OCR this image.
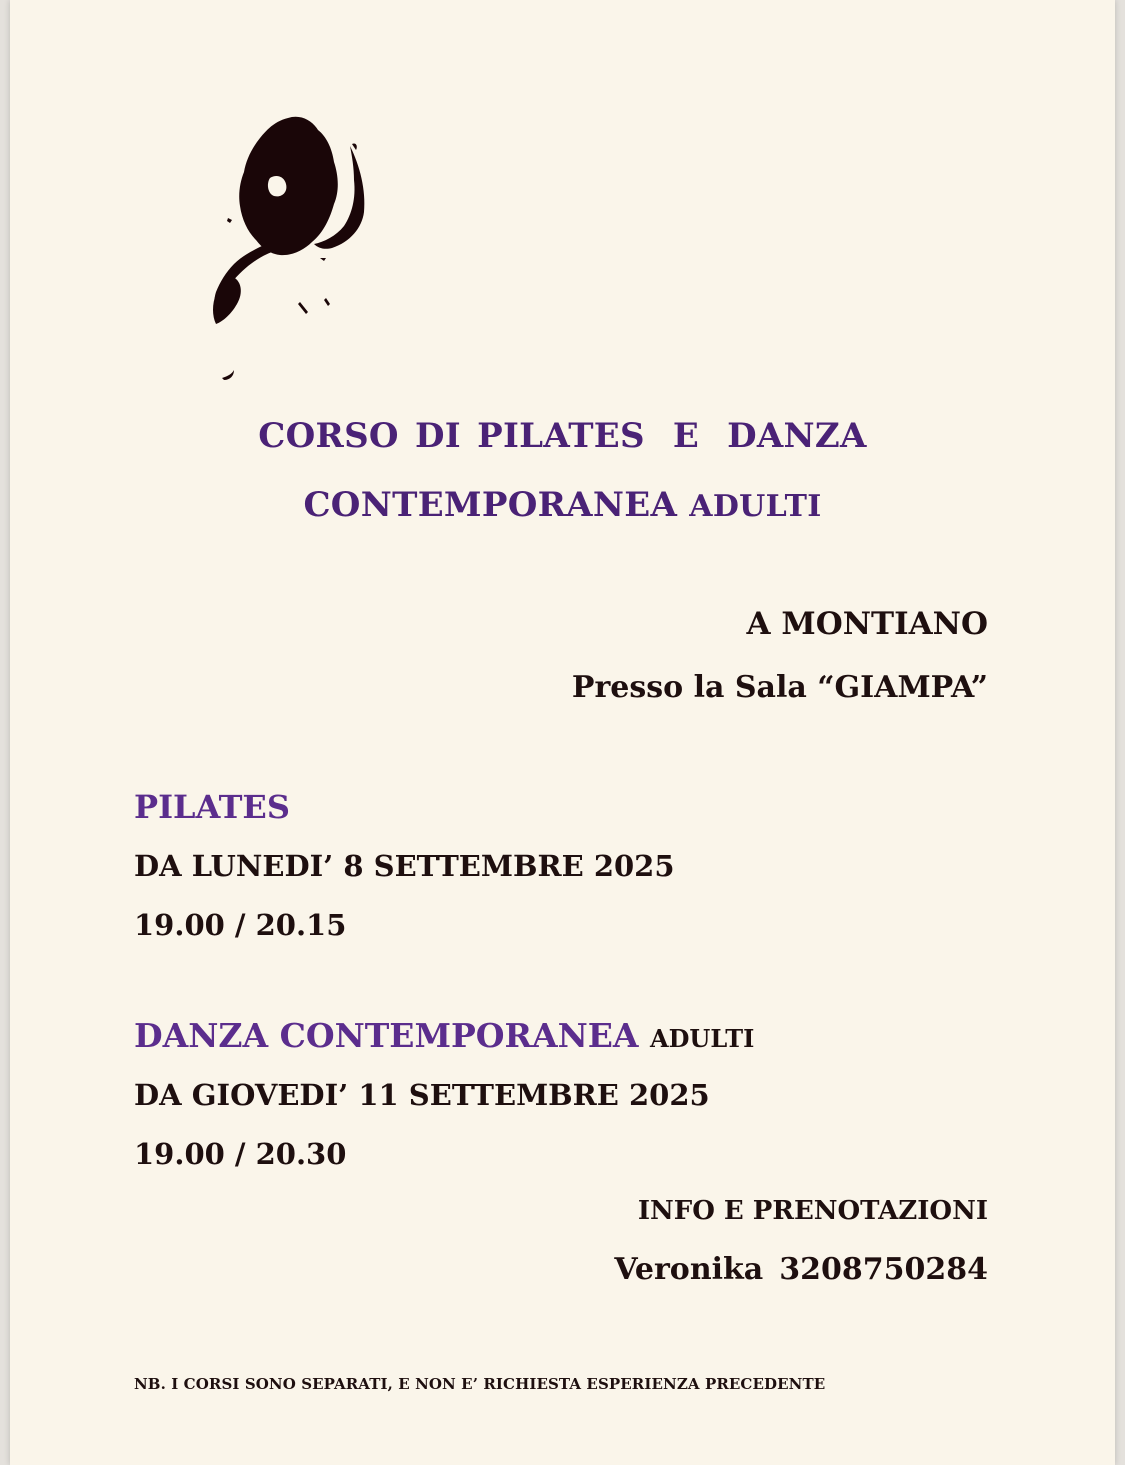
CORSO DI PILATES E DANZA

CONTEMPORANEA ADULTI

A MONTIANO

Presso la Sala “GIAMPA”

PILATES

DA LUNEDI’ 8 SETTEMBRE 2025

19.00 / 20.15

DANZA CONTEMPORANEA ADULTI

DA GIOVEDI’ 11 SETTEMBRE 2025

19.00 / 20.30

INFO E PRENOTAZIONI

Veronika 3208750284

NB. I CORSI SONO SEPARATI, E NON E’ RICHIESTA ESPERIENZA PRECEDENTE
